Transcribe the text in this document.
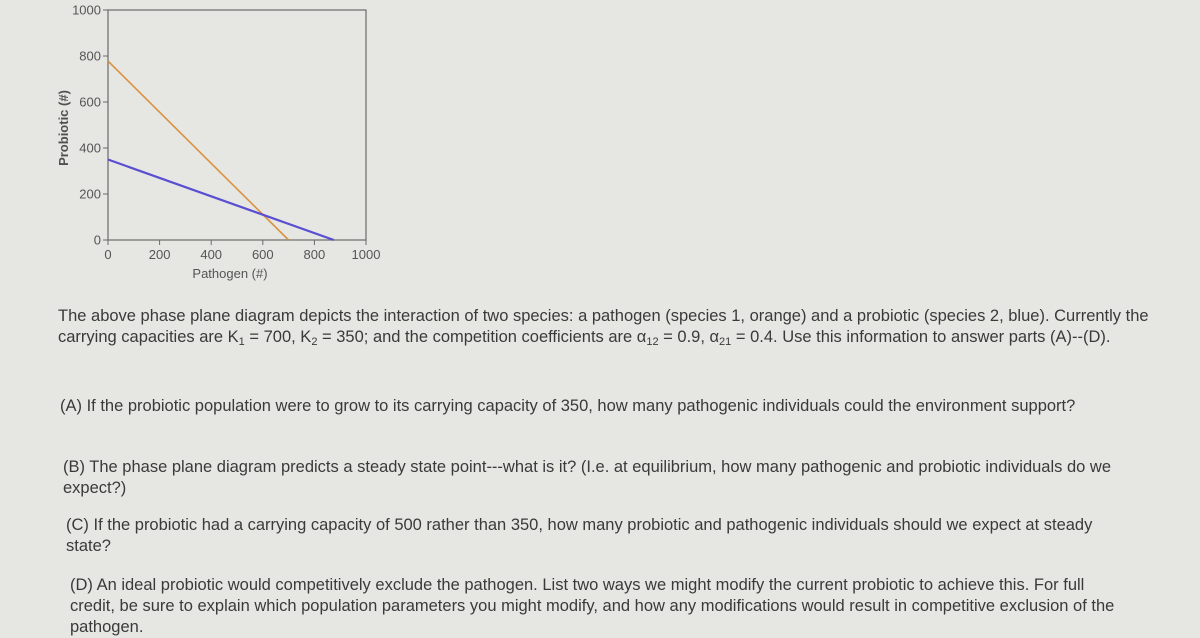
0
200
400
600
800
1000
0	200 400 600 800 1000
Pathogen (#)
Probiotic (#)

The above phase plane diagram depicts the interaction of two species: a pathogen (species 1, orange) and a probiotic (species 2, blue). Currently the carrying capacities are $K_1 = 700$, $K_2 = 350$; and the competition coefficients are $\alpha_{12} = 0.9$, $\alpha_{21} = 0.4$. Use this information to answer parts (A)--(D).

(A) If the probiotic population were to grow to its carrying capacity of 350, how many pathogenic individuals could the environment support?

(B) The phase plane diagram predicts a steady state point---what is it? (I.e. at equilibrium, how many pathogenic and probiotic individuals do we expect?)

(C) If the probiotic had a carrying capacity of 500 rather than 350, how many probiotic and pathogenic individuals should we expect at steady state?

(D) An ideal probiotic would competitively exclude the pathogen. List two ways we might modify the current probiotic to achieve this. For full credit, be sure to explain which population parameters you might modify, and how any modifications would result in competitive exclusion of the pathogen.
